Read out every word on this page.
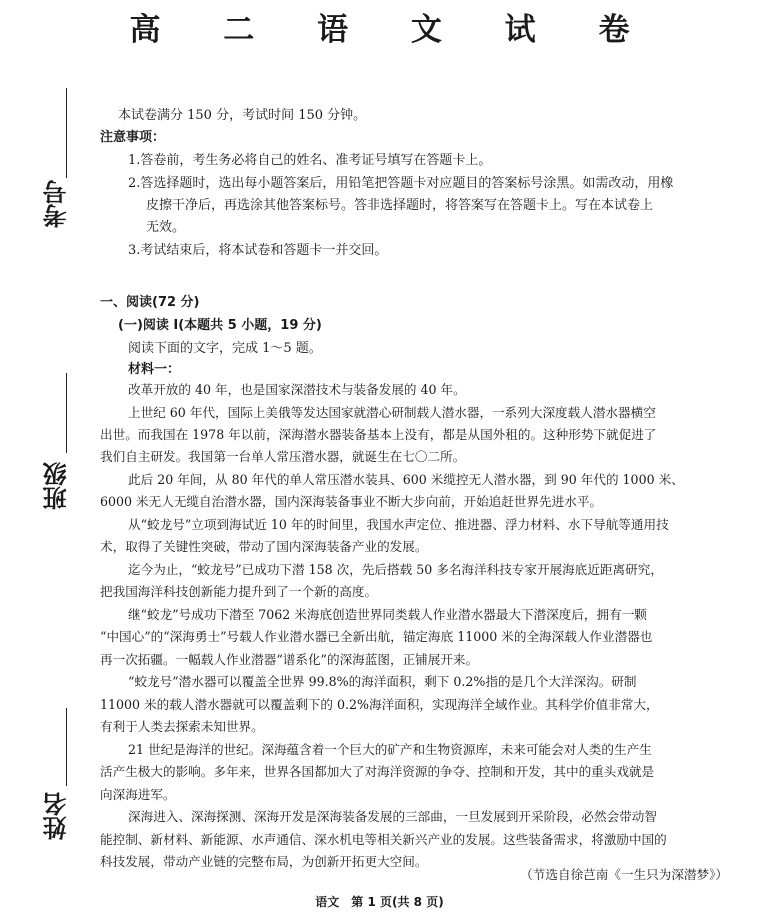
高 二 语 文 试 卷
考号
班级
姓名
本试卷满分 150 分，考试时间 150 分钟。
注意事项：
1.答卷前，考生务必将自己的姓名、准考证号填写在答题卡上。
2.答选择题时，选出每小题答案后，用铅笔把答题卡对应题目的答案标号涂黑。如需改动，用橡
皮擦干净后，再选涂其他答案标号。答非选择题时，将答案写在答题卡上。写在本试卷上
无效。
3.考试结束后，将本试卷和答题卡一并交回。
一、阅读(72 分)
(一)阅读 Ⅰ(本题共 5 小题，19 分)
阅读下面的文字，完成 1～5 题。
材料一：
改革开放的 40 年，也是国家深潜技术与装备发展的 40 年。
上世纪 60 年代，国际上美俄等发达国家就潜心研制载人潜水器，一系列大深度载人潜水器横空
出世。而我国在 1978 年以前，深海潜水器装备基本上没有，都是从国外租的。这种形势下就促进了
我们自主研发。我国第一台单人常压潜水器，就诞生在七〇二所。
此后 20 年间，从 80 年代的单人常压潜水装具、600 米缆控无人潜水器，到 90 年代的 1000 米、
6000 米无人无缆自治潜水器，国内深海装备事业不断大步向前，开始追赶世界先进水平。
从“蛟龙号”立项到海试近 10 年的时间里，我国水声定位、推进器、浮力材料、水下导航等通用技
术，取得了关键性突破，带动了国内深海装备产业的发展。
迄今为止，“蛟龙号”已成功下潜 158 次，先后搭载 50 多名海洋科技专家开展海底近距离研究，
把我国海洋科技创新能力提升到了一个新的高度。
继“蛟龙”号成功下潜至 7062 米海底创造世界同类载人作业潜水器最大下潜深度后，拥有一颗
“中国心”的“深海勇士”号载人作业潜水器已全新出航，锚定海底 11000 米的全海深载人作业潜器也
再一次拓疆。一幅载人作业潜器“谱系化”的深海蓝图，正铺展开来。
“蛟龙号”潜水器可以覆盖全世界 99.8%的海洋面积，剩下 0.2%指的是几个大洋深沟。研制
11000 米的载人潜水器就可以覆盖剩下的 0.2%海洋面积，实现海洋全域作业。其科学价值非常大，
有利于人类去探索未知世界。
21 世纪是海洋的世纪。深海蕴含着一个巨大的矿产和生物资源库，未来可能会对人类的生产生
活产生极大的影响。多年来，世界各国都加大了对海洋资源的争夺、控制和开发，其中的重头戏就是
向深海进军。
深海进入、深海探测、深海开发是深海装备发展的三部曲，一旦发展到开采阶段，必然会带动智
能控制、新材料、新能源、水声通信、深水机电等相关新兴产业的发展。这些装备需求，将激励中国的
科技发展，带动产业链的完整布局，为创新开拓更大空间。
（节选自徐芑南《一生只为深潜梦》）
语文　第 1 页(共 8 页)
